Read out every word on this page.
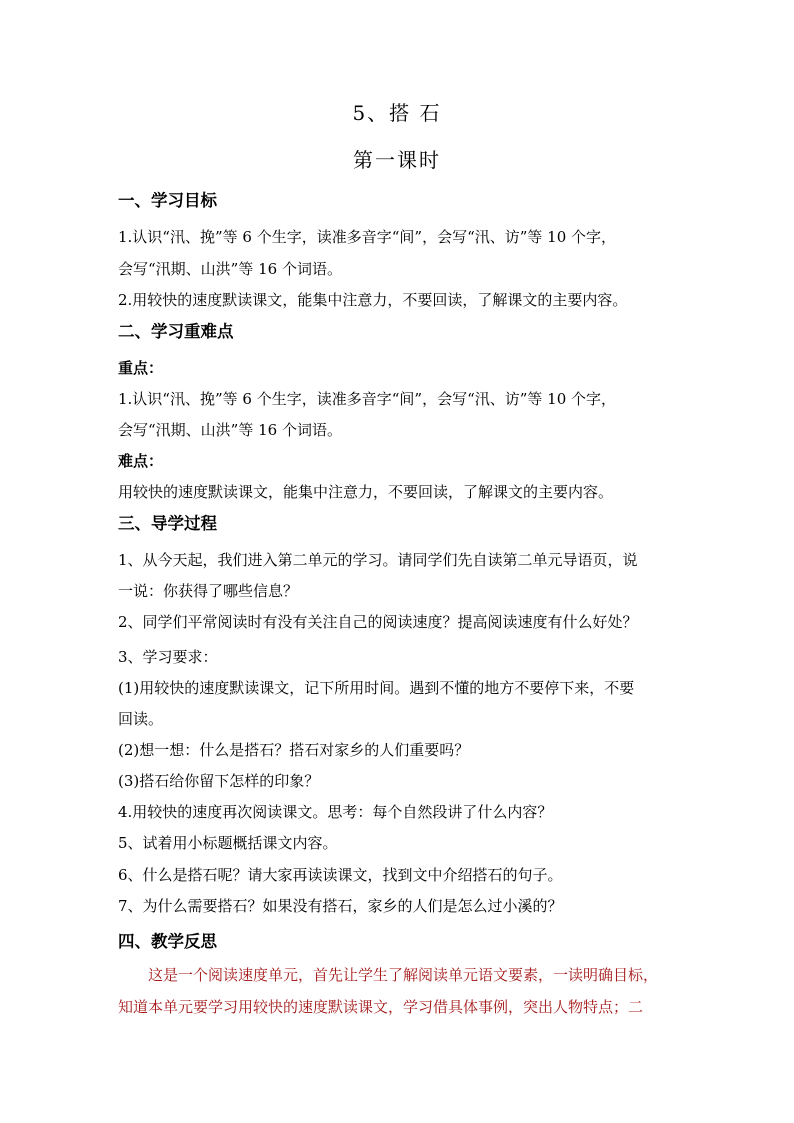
5、搭 石
第一课时
一、学习目标
1.认识“汛、挽”等 6 个生字，读准多音字“间”，会写“汛、访”等 10 个字，
会写“汛期、山洪”等 16 个词语。
2.用较快的速度默读课文，能集中注意力，不要回读，了解课文的主要内容。
二、学习重难点
重点：
1.认识“汛、挽”等 6 个生字，读准多音字“间”，会写“汛、访”等 10 个字，
会写“汛期、山洪”等 16 个词语。
难点：
用较快的速度默读课文，能集中注意力，不要回读，了解课文的主要内容。
三、导学过程
1、从今天起，我们进入第二单元的学习。请同学们先自读第二单元导语页，说
一说：你获得了哪些信息？
2、同学们平常阅读时有没有关注自己的阅读速度？提高阅读速度有什么好处？
3、学习要求：
(1)用较快的速度默读课文，记下所用时间。遇到不懂的地方不要停下来，不要
回读。
(2)想一想：什么是搭石？搭石对家乡的人们重要吗？
(3)搭石给你留下怎样的印象？
4.用较快的速度再次阅读课文。思考：每个自然段讲了什么内容？
5、试着用小标题概括课文内容。
6、什么是搭石呢？请大家再读读课文，找到文中介绍搭石的句子。
7、为什么需要搭石？如果没有搭石，家乡的人们是怎么过小溪的？
四、教学反思
这是一个阅读速度单元，首先让学生了解阅读单元语文要素，一读明确目标，
知道本单元要学习用较快的速度默读课文，学习借具体事例，突出人物特点；二
